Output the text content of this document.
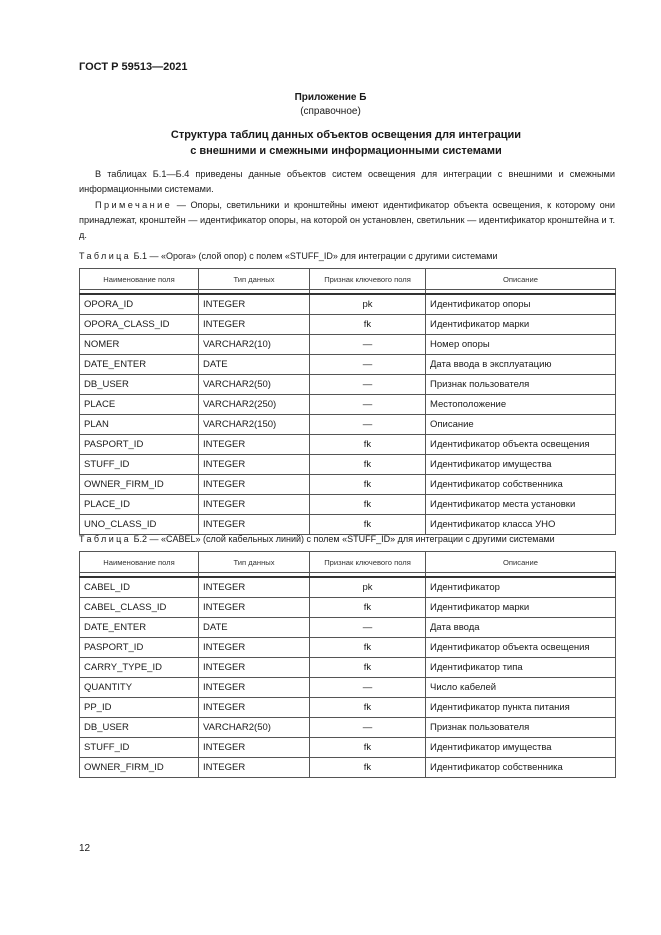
ГОСТ Р 59513—2021
Приложение Б
(справочное)
Структура таблиц данных объектов освещения для интеграции
с внешними и смежными информационными системами
В таблицах Б.1—Б.4 приведены данные объектов систем освещения для интеграции с внешними и смежными информационными системами.
Примечание — Опоры, светильники и кронштейны имеют идентификатор объекта освещения, к которому они принадлежат, кронштейн — идентификатор опоры, на которой он установлен, светильник — идентификатор кронштейна и т. д.
Таблица Б.1 — «Opora» (слой опор) с полем «STUFF_ID» для интеграции с другими системами
Наименование поля	Тип данных	Признак ключевого поля	Описание

OPORA_ID	INTEGER	pk	Идентификатор опоры
OPORA_CLASS_ID	INTEGER	fk	Идентификатор марки
NOMER	VARCHAR2(10)	—	Номер опоры
DATE_ENTER	DATE	—	Дата ввода в эксплуатацию
DB_USER	VARCHAR2(50)	—	Признак пользователя
PLACE	VARCHAR2(250)	—	Местоположение
PLAN	VARCHAR2(150)	—	Описание
PASPORT_ID	INTEGER	fk	Идентификатор объекта освещения
STUFF_ID	INTEGER	fk	Идентификатор имущества
OWNER_FIRM_ID	INTEGER	fk	Идентификатор собственника
PLACE_ID	INTEGER	fk	Идентификатор места установки
UNO_CLASS_ID	INTEGER	fk	Идентификатор класса УНО
Таблица Б.2 — «CABEL» (слой кабельных линий) с полем «STUFF_ID» для интеграции с другими системами
Наименование поля	Тип данных	Признак ключевого поля	Описание

CABEL_ID	INTEGER	pk	Идентификатор
CABEL_CLASS_ID	INTEGER	fk	Идентификатор марки
DATE_ENTER	DATE	—	Дата ввода
PASPORT_ID	INTEGER	fk	Идентификатор объекта освещения
CARRY_TYPE_ID	INTEGER	fk	Идентификатор типа
QUANTITY	INTEGER	—	Число кабелей
PP_ID	INTEGER	fk	Идентификатор пункта питания
DB_USER	VARCHAR2(50)	—	Признак пользователя
STUFF_ID	INTEGER	fk	Идентификатор имущества
OWNER_FIRM_ID	INTEGER	fk	Идентификатор собственника
12
